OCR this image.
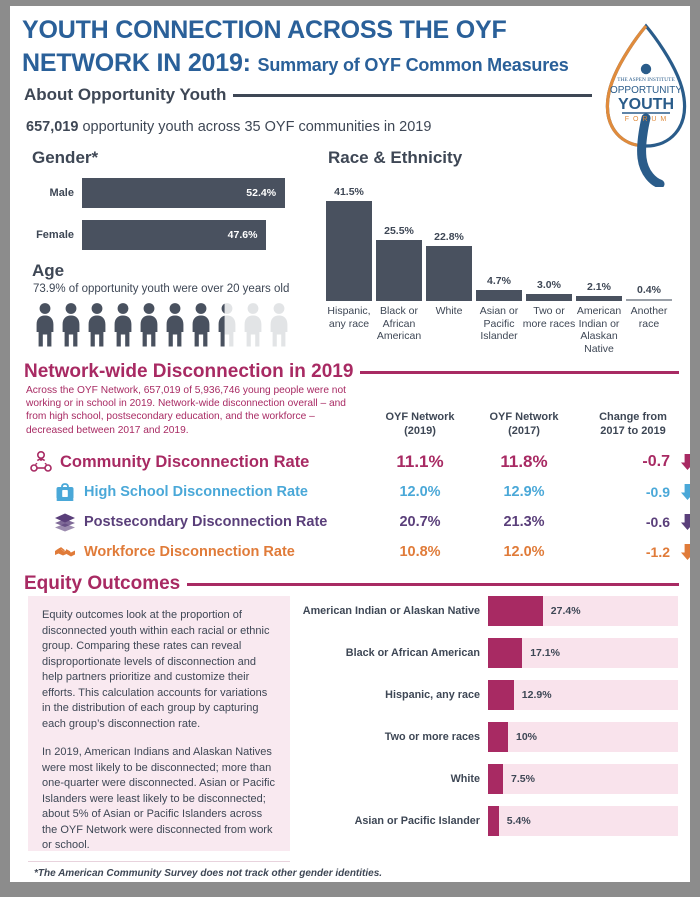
YOUTH CONNECTION ACROSS THE OYF
NETWORK IN 2019: Summary of OYF Common Measures
THE ASPEN INSTITUTE
OPPORTUNITY
YOUTH
F O R U M
About Opportunity Youth
657,019 opportunity youth across 35 OYF communities in 2019
Gender*
Male	52.4%
Female	47.6%
Age
73.9% of opportunity youth were over 20 years old
Race & Ethnicity
41.5%
Hispanic, any race
25.5%
Black or African American
22.8%
White
4.7%
Asian or Pacific Islander
3.0%
Two or more races
2.1%
American Indian or Alaskan Native
0.4%
Another race
Network-wide Disconnection in 2019
Across the OYF Network, 657,019 of 5,936,746 young people were not working or in school in 2019. Network-wide disconnection overall – and from high school, postsecondary education, and the workforce – decreased between 2017 and 2019.
OYF Network
(2019)
OYF Network
(2017)
Change from
2017 to 2019
Community Disconnection Rate	11.1%	11.8%	-0.7
High School Disconnection Rate	12.0%	12.9%	-0.9
Postsecondary Disconnection Rate	20.7%	21.3%	-0.6
Workforce Disconnection Rate	10.8%	12.0%	-1.2
Equity Outcomes

Equity outcomes look at the proportion of disconnected youth within each racial or ethnic group. Comparing these rates can reveal disproportionate levels of disconnection and help partners prioritize and customize their efforts. This calculation accounts for variations in the distribution of each group by capturing each group’s disconnection rate.

In 2019, American Indians and Alaskan Natives were most likely to be disconnected; more than one-quarter were disconnected. Asian or Pacific Islanders were least likely to be disconnected; about 5% of Asian or Pacific Islanders across the OYF Network were disconnected from work or school.

American Indian or Alaskan Native	27.4%
Black or African American	17.1%
Hispanic, any race	12.9%
Two or more races	10%
White	7.5%
Asian or Pacific Islander	5.4%
*The American Community Survey does not track other gender identities.
